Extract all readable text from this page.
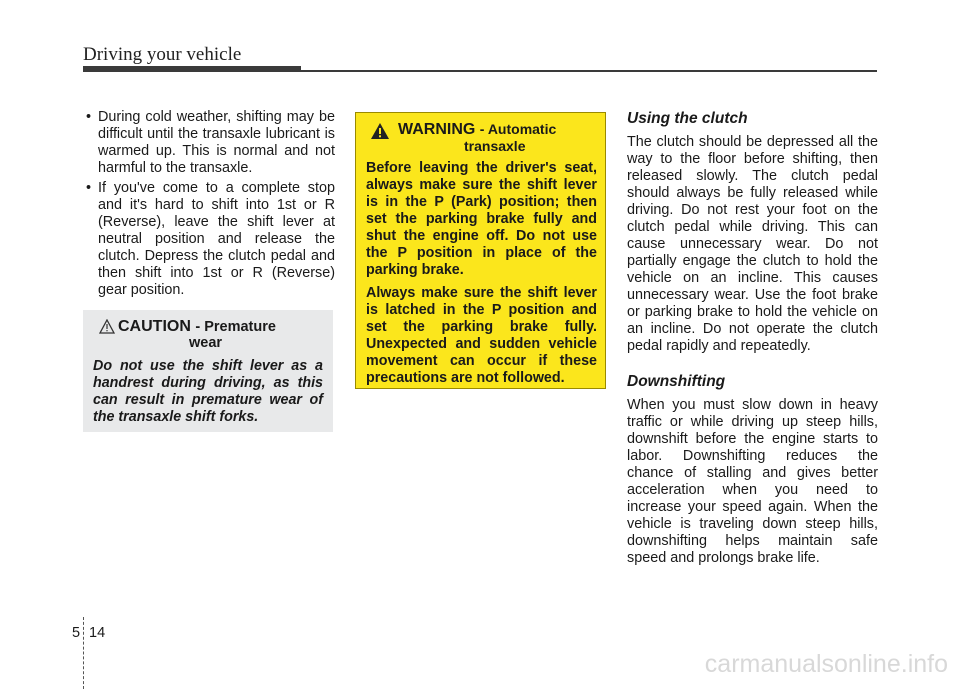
Driving your vehicle
• During cold weather, shifting may be difficult until the transaxle lubricant is warmed up. This is normal and not harmful to the transaxle.
• If you've come to a complete stop and it's hard to shift into 1st or R (Reverse), leave the shift lever at neutral position and release the clutch. Depress the clutch pedal and then shift into 1st or R (Reverse) gear position.
CAUTION - Premature
wear
Do not use the shift lever as a handrest during driving, as this can result in premature wear of the transaxle shift forks.
WARNING - Automatic
transaxle

Before leaving the driver's seat, always make sure the shift lever is in the P (Park) position; then set the parking brake fully and shut the engine off. Do not use the P position in place of the parking brake.

Always make sure the shift lever is latched in the P position and set the parking brake fully. Unexpected and sudden vehicle movement can occur if these precautions are not followed.

Using the clutch

The clutch should be depressed all the way to the floor before shifting, then released slowly. The clutch pedal should always be fully released while driving. Do not rest your foot on the clutch pedal while driving. This can cause unnecessary wear. Do not partially engage the clutch to hold the vehicle on an incline. This causes unnecessary wear. Use the foot brake or parking brake to hold the vehicle on an incline. Do not operate the clutch pedal rapidly and repeatedly.

Downshifting

When you must slow down in heavy traffic or while driving up steep hills, downshift before the engine starts to labor. Downshifting reduces the chance of stalling and gives better acceleration when you need to increase your speed again. When the vehicle is traveling down steep hills, downshifting helps maintain safe speed and prolongs brake life.

5 14
carmanualsonline.info
